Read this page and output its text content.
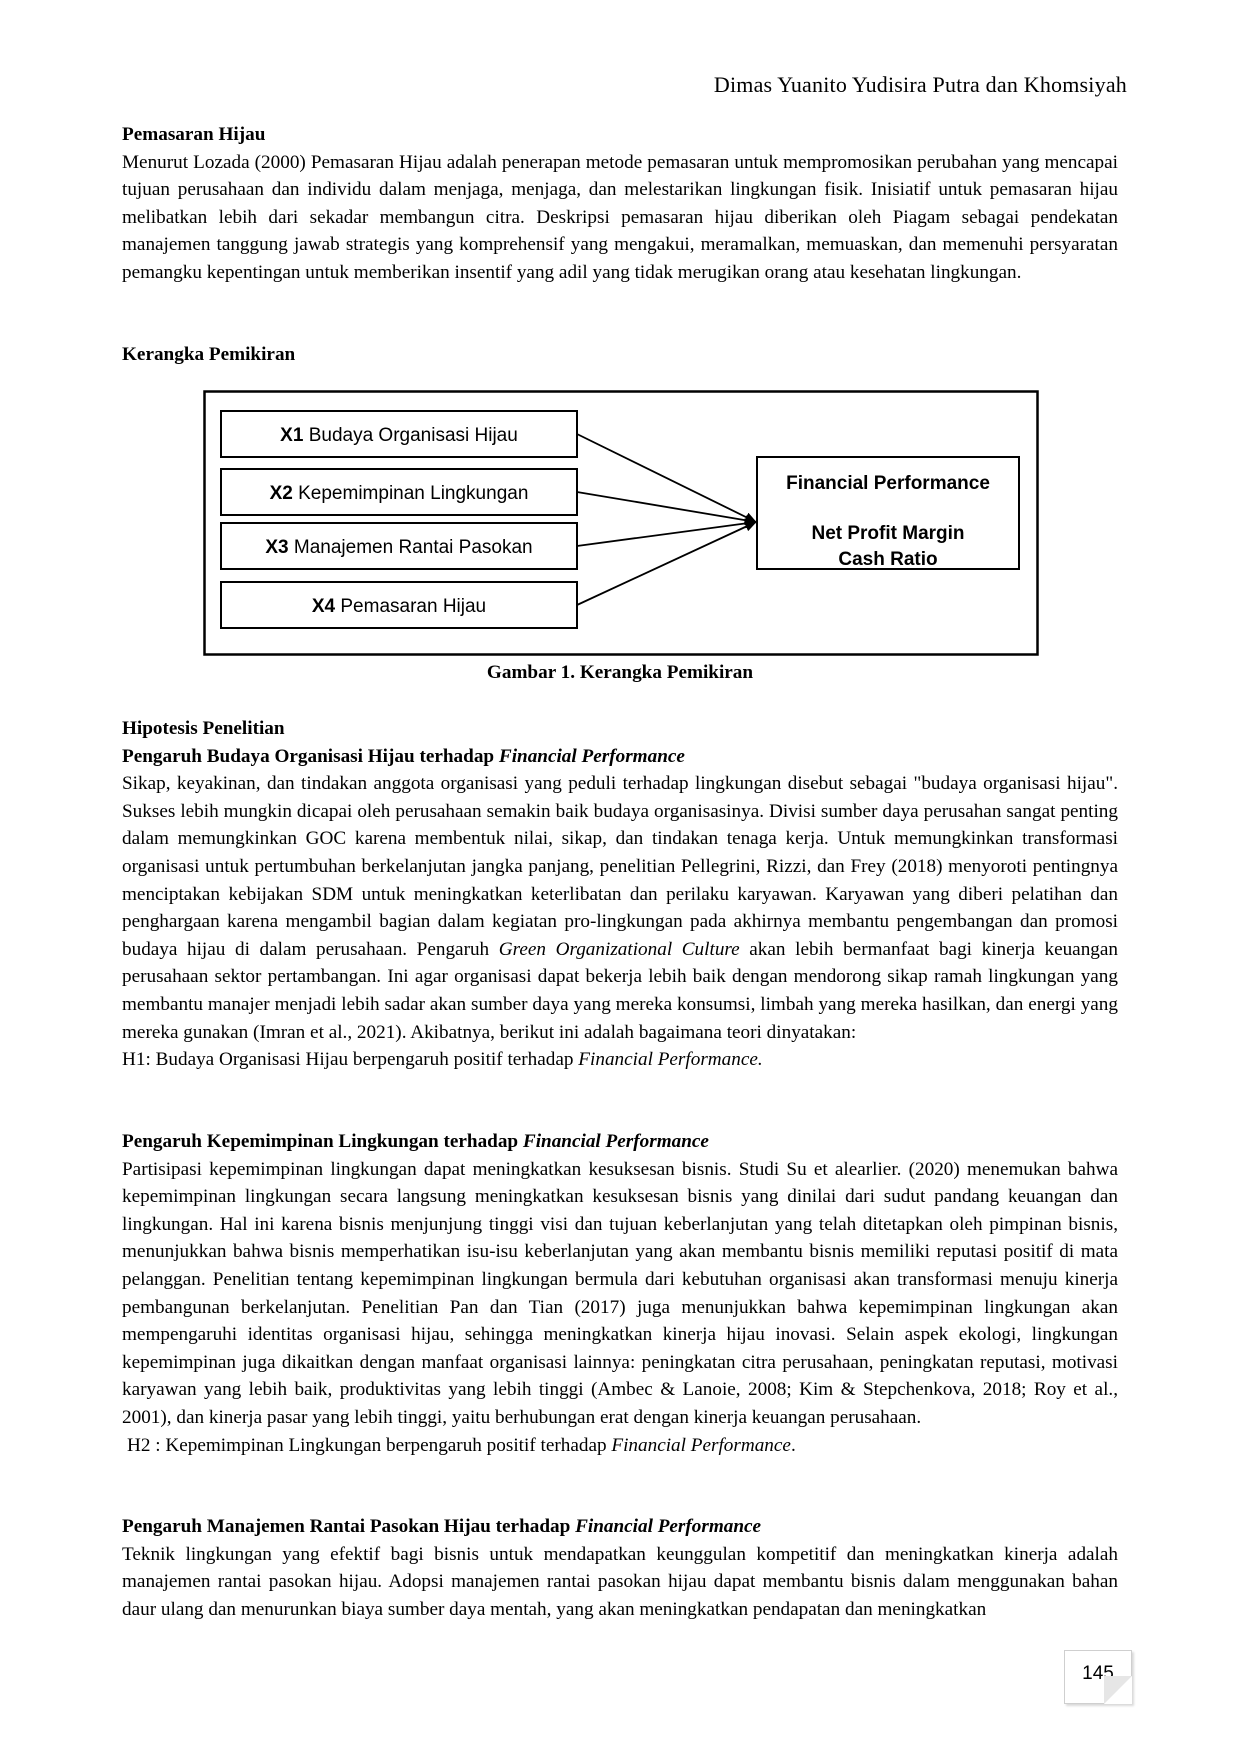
Dimas Yuanito Yudisira Putra dan Khomsiyah
Pemasaran Hijau

Menurut Lozada (2000) Pemasaran Hijau adalah penerapan metode pemasaran untuk mempromosikan perubahan yang mencapai tujuan perusahaan dan individu dalam menjaga, menjaga, dan melestarikan lingkungan fisik. Inisiatif untuk pemasaran hijau melibatkan lebih dari sekadar membangun citra. Deskripsi pemasaran hijau diberikan oleh Piagam sebagai pendekatan manajemen tanggung jawab strategis yang komprehensif yang mengakui, meramalkan, memuaskan, dan memenuhi persyaratan pemangku kepentingan untuk memberikan insentif yang adil yang tidak merugikan orang atau kesehatan lingkungan.

Kerangka Pemikiran
X1 Budaya Organisasi Hijau
X2 Kepemimpinan Lingkungan
X3 Manajemen Rantai Pasokan
X4 Pemasaran Hijau
Financial Performance
Net Profit Margin
Cash Ratio
Gambar 1. Kerangka Pemikiran
Hipotesis Penelitian
Pengaruh Budaya Organisasi Hijau terhadap Financial Performance

Sikap, keyakinan, dan tindakan anggota organisasi yang peduli terhadap lingkungan disebut sebagai "budaya organisasi hijau". Sukses lebih mungkin dicapai oleh perusahaan semakin baik budaya organisasinya. Divisi sumber daya perusahan sangat penting dalam memungkinkan GOC karena membentuk nilai, sikap, dan tindakan tenaga kerja. Untuk memungkinkan transformasi organisasi untuk pertumbuhan berkelanjutan jangka panjang, penelitian Pellegrini, Rizzi, dan Frey (2018) menyoroti pentingnya menciptakan kebijakan SDM untuk meningkatkan keterlibatan dan perilaku karyawan. Karyawan yang diberi pelatihan dan penghargaan karena mengambil bagian dalam kegiatan pro-lingkungan pada akhirnya membantu pengembangan dan promosi budaya hijau di dalam perusahaan. Pengaruh Green Organizational Culture akan lebih bermanfaat bagi kinerja keuangan perusahaan sektor pertambangan. Ini agar organisasi dapat bekerja lebih baik dengan mendorong sikap ramah lingkungan yang membantu manajer menjadi lebih sadar akan sumber daya yang mereka konsumsi, limbah yang mereka hasilkan, dan energi yang mereka gunakan (Imran et al., 2021). Akibatnya, berikut ini adalah bagaimana teori dinyatakan:

H1: Budaya Organisasi Hijau berpengaruh positif terhadap Financial Performance.

Pengaruh Kepemimpinan Lingkungan terhadap Financial Performance

Partisipasi kepemimpinan lingkungan dapat meningkatkan kesuksesan bisnis. Studi Su et alearlier. (2020) menemukan bahwa kepemimpinan lingkungan secara langsung meningkatkan kesuksesan bisnis yang dinilai dari sudut pandang keuangan dan lingkungan. Hal ini karena bisnis menjunjung tinggi visi dan tujuan keberlanjutan yang telah ditetapkan oleh pimpinan bisnis, menunjukkan bahwa bisnis memperhatikan isu-isu keberlanjutan yang akan membantu bisnis memiliki reputasi positif di mata pelanggan. Penelitian tentang kepemimpinan lingkungan bermula dari kebutuhan organisasi akan transformasi menuju kinerja pembangunan berkelanjutan. Penelitian Pan dan Tian (2017) juga menunjukkan bahwa kepemimpinan lingkungan akan mempengaruhi identitas organisasi hijau, sehingga meningkatkan kinerja hijau inovasi. Selain aspek ekologi, lingkungan kepemimpinan juga dikaitkan dengan manfaat organisasi lainnya: peningkatan citra perusahaan, peningkatan reputasi, motivasi karyawan yang lebih baik, produktivitas yang lebih tinggi (Ambec & Lanoie, 2008; Kim & Stepchenkova, 2018; Roy et al., 2001), dan kinerja pasar yang lebih tinggi, yaitu berhubungan erat dengan kinerja keuangan perusahaan.

H2 : Kepemimpinan Lingkungan berpengaruh positif terhadap Financial Performance.

Pengaruh Manajemen Rantai Pasokan Hijau terhadap Financial Performance

Teknik lingkungan yang efektif bagi bisnis untuk mendapatkan keunggulan kompetitif dan meningkatkan kinerja adalah manajemen rantai pasokan hijau. Adopsi manajemen rantai pasokan hijau dapat membantu bisnis dalam menggunakan bahan daur ulang dan menurunkan biaya sumber daya mentah, yang akan meningkatkan pendapatan dan meningkatkan

145
